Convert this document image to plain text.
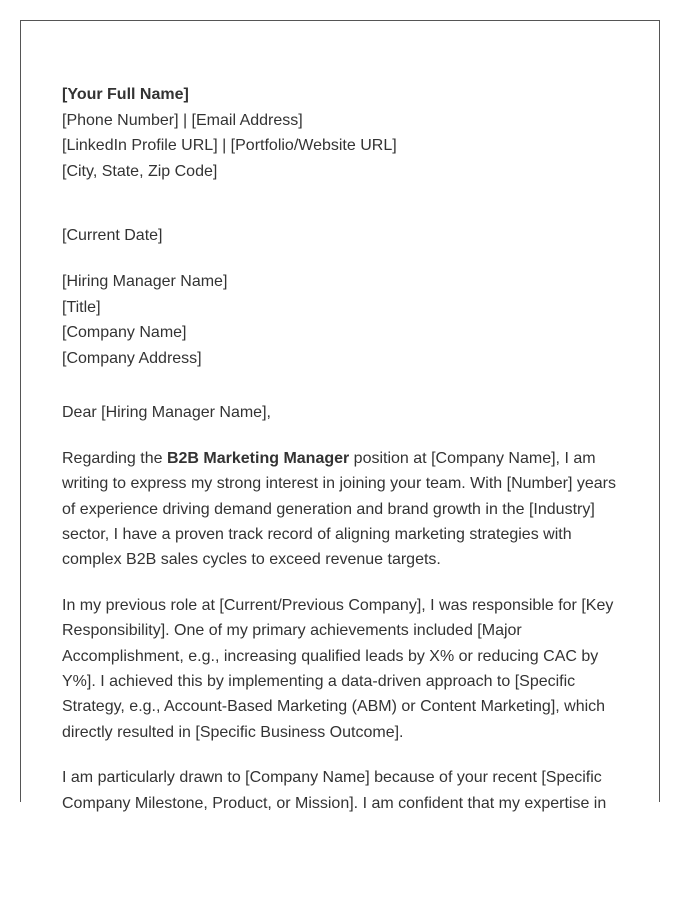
[Your Full Name]
[Phone Number] | [Email Address]
[LinkedIn Profile URL] | [Portfolio/Website URL]
[City, State, Zip Code]
[Current Date]
[Hiring Manager Name]
[Title]
[Company Name]
[Company Address]

Dear [Hiring Manager Name],

Regarding the B2B Marketing Manager position at [Company Name], I am writing to express my strong interest in joining your team. With [Number] years of experience driving demand generation and brand growth in the [Industry] sector, I have a proven track record of aligning marketing strategies with complex B2B sales cycles to exceed revenue targets.

In my previous role at [Current/Previous Company], I was responsible for [Key Responsibility]. One of my primary achievements included [Major Accomplishment, e.g., increasing qualified leads by X% or reducing CAC by Y%]. I achieved this by implementing a data-driven approach to [Specific Strategy, e.g., Account-Based Marketing (ABM) or Content Marketing], which directly resulted in [Specific Business Outcome].

I am particularly drawn to [Company Name] because of your recent [Specific Company Milestone, Product, or Mission]. I am confident that my expertise in
